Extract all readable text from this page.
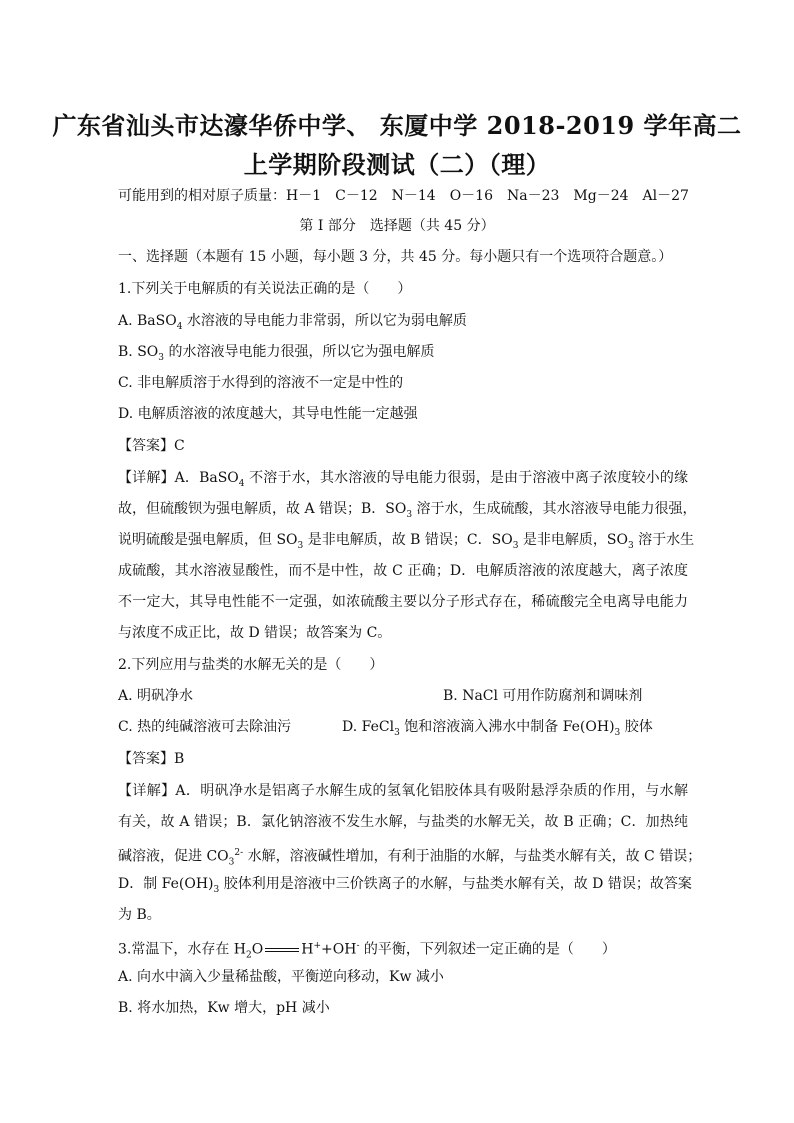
广东省汕头市达濠华侨中学、 东厦中学 2018-2019 学年高二
上学期阶段测试（二）（理）
可能用到的相对原子质量：H－1　C－12　N－14　O－16　Na－23　Mg－24　Al－27
第 I 部分　选择题（共 45 分）
一、选择题（本题有 15 小题，每小题 3 分，共 45 分。每小题只有一个选项符合题意。）
1.下列关于电解质的有关说法正确的是（　　）
A. BaSO$_4$ 水溶液的导电能力非常弱，所以它为弱电解质
B. $SO_3$ 的水溶液导电能力很强，所以它为强电解质
C. 非电解质溶于水得到的溶液不一定是中性的
D. 电解质溶液的浓度越大，其导电性能一定越强
【答案】C
【详解】A．BaSO$_4$ 不溶于水，其水溶液的导电能力很弱，是由于溶液中离子浓度较小的缘
故，但硫酸钡为强电解质，故 A 错误；B．$SO_3$ 溶于水，生成硫酸，其水溶液导电能力很强，
说明硫酸是强电解质，但 $SO_3$ 是非电解质，故 B 错误；C．$SO_3$ 是非电解质，$SO_3$ 溶于水生
成硫酸，其水溶液显酸性，而不是中性，故 C 正确；D．电解质溶液的浓度越大，离子浓度
不一定大，其导电性能不一定强，如浓硫酸主要以分子形式存在，稀硫酸完全电离导电能力
与浓度不成正比，故 D 错误；故答案为 C。
2.下列应用与盐类的水解无关的是（　　）
A. 明矾净水	B. NaCl 可用作防腐剂和调味剂
C. 热的纯碱溶液可去除油污	D. FeCl$_3$ 饱和溶液滴入沸水中制备 $Fe(OH)_3$ 胶体
【答案】B
【详解】A．明矾净水是铝离子水解生成的氢氧化铝胶体具有吸附悬浮杂质的作用，与水解
有关，故 A 错误；B．氯化钠溶液不发生水解，与盐类的水解无关，故 B 正确；C．加热纯
碱溶液，促进 $CO_3^{2-}$ 水解，溶液碱性增加，有利于油脂的水解，与盐类水解有关，故 C 错误；
D．制 $Fe(OH)_3$ 胶体利用是溶液中三价铁离子的水解，与盐类水解有关，故 D 错误；故答案
为 B。
3.常温下，水存在 $H_2O$	H++OH- 的平衡，下列叙述一定正确的是（　　）
A. 向水中滴入少量稀盐酸，平衡逆向移动，Kw 减小
B. 将水加热，Kw 增大，pH 减小
